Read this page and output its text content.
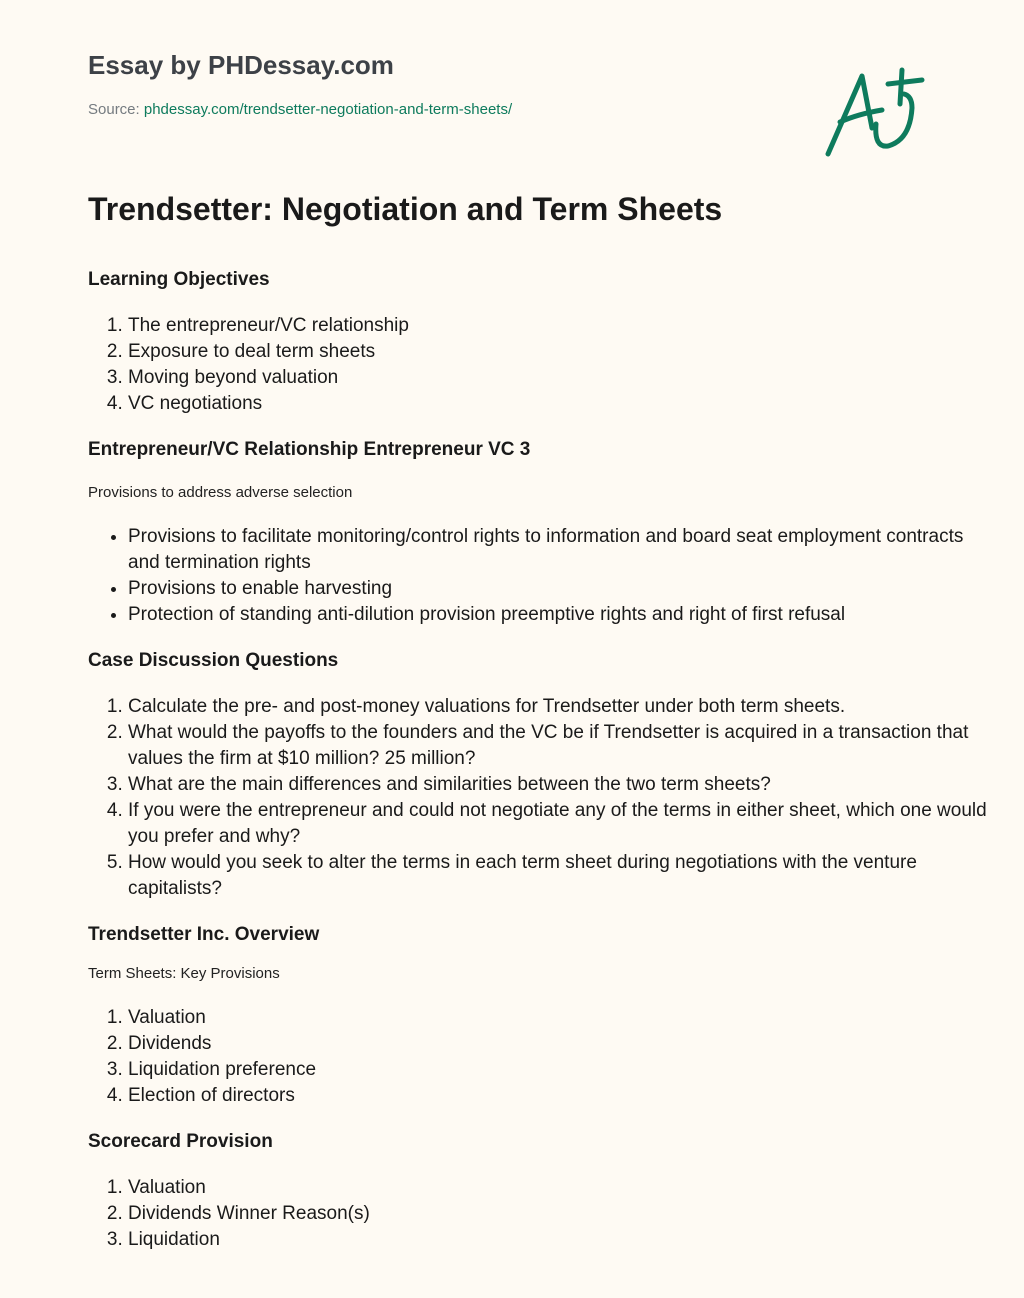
Essay by PHDessay.com
Source: phdessay.com/trendsetter-negotiation-and-term-sheets/
Trendsetter: Negotiation and Term Sheets
Learning Objectives
1. The entrepreneur/VC relationship
2. Exposure to deal term sheets
3. Moving beyond valuation
4. VC negotiations
Entrepreneur/VC Relationship Entrepreneur VC 3
Provisions to address adverse selection
• Provisions to facilitate monitoring/control rights to information and board seat employment contracts and termination rights
• Provisions to enable harvesting
• Protection of standing anti-dilution provision preemptive rights and right of first refusal
Case Discussion Questions
1. Calculate the pre- and post-money valuations for Trendsetter under both term sheets.
2. What would the payoffs to the founders and the VC be if Trendsetter is acquired in a transaction that values the firm at $10 million? 25 million?
3. What are the main differences and similarities between the two term sheets?
4. If you were the entrepreneur and could not negotiate any of the terms in either sheet, which one would you prefer and why?
5. How would you seek to alter the terms in each term sheet during negotiations with the venture capitalists?
Trendsetter Inc. Overview
Term Sheets: Key Provisions
1. Valuation
2. Dividends
3. Liquidation preference
4. Election of directors
Scorecard Provision
1. Valuation
2. Dividends Winner Reason(s)
3. Liquidation
